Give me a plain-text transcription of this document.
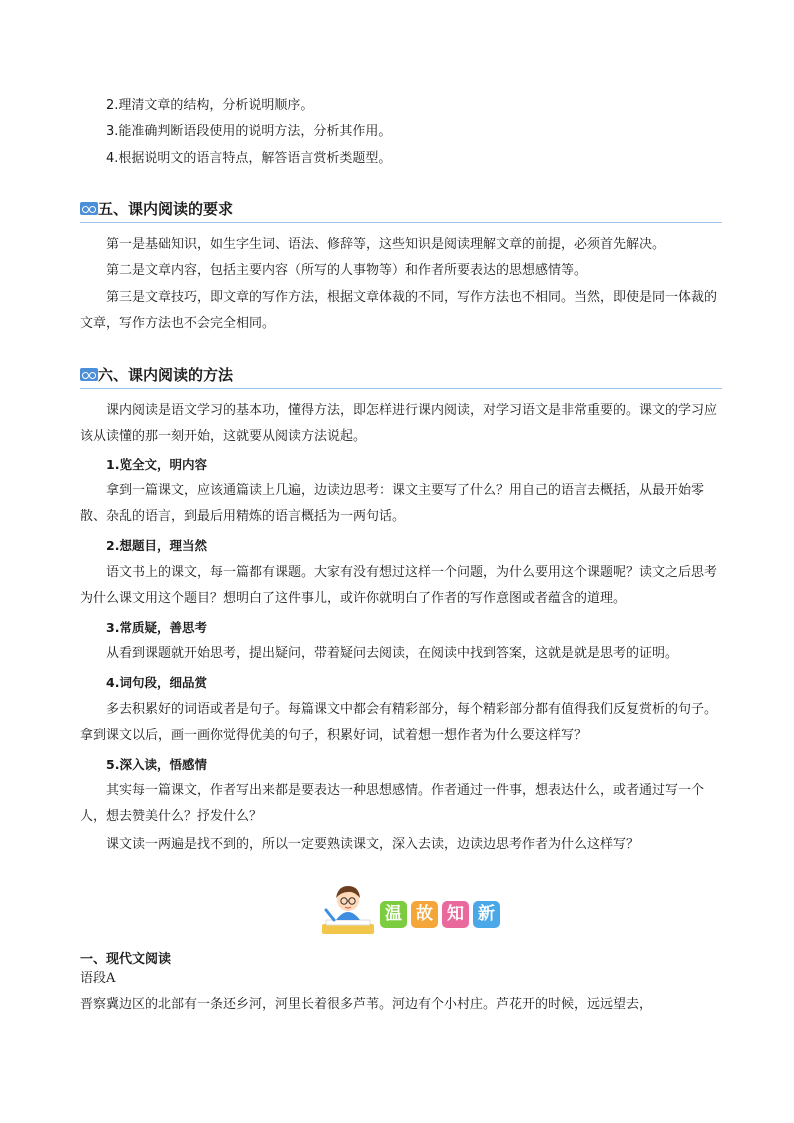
2.理清文章的结构，分析说明顺序。
3.能准确判断语段使用的说明方法，分析其作用。
4.根据说明文的语言特点，解答语言赏析类题型。
五、课内阅读的要求
第一是基础知识，如生字生词、语法、修辞等，这些知识是阅读理解文章的前提，必须首先解决。
第二是文章内容，包括主要内容（所写的人事物等）和作者所要表达的思想感情等。
第三是文章技巧，即文章的写作方法，根据文章体裁的不同，写作方法也不相同。当然，即使是同一体裁的文章，写作方法也不会完全相同。
六、课内阅读的方法
课内阅读是语文学习的基本功，懂得方法，即怎样进行课内阅读，对学习语文是非常重要的。课文的学习应该从读懂的那一刻开始，这就要从阅读方法说起。
1.览全文，明内容
拿到一篇课文，应该通篇读上几遍，边读边思考：课文主要写了什么？用自己的语言去概括，从最开始零散、杂乱的语言，到最后用精炼的语言概括为一两句话。
2.想题目，理当然
语文书上的课文，每一篇都有课题。大家有没有想过这样一个问题，为什么要用这个课题呢？读文之后思考为什么课文用这个题目？想明白了这件事儿，或许你就明白了作者的写作意图或者蕴含的道理。
3.常质疑，善思考
从看到课题就开始思考，提出疑问，带着疑问去阅读，在阅读中找到答案，这就是就是思考的证明。
4.词句段，细品赏
多去积累好的词语或者是句子。每篇课文中都会有精彩部分，每个精彩部分都有值得我们反复赏析的句子。拿到课文以后，画一画你觉得优美的句子，积累好词，试着想一想作者为什么要这样写？
5.深入读，悟感情
其实每一篇课文，作者写出来都是要表达一种思想感情。作者通过一件事，想表达什么，或者通过写一个人，想去赞美什么？抒发什么？
课文读一两遍是找不到的，所以一定要熟读课文，深入去读，边读边思考作者为什么这样写？
温 故 知 新
一、现代文阅读
语段A
晋察冀边区的北部有一条还乡河，河里长着很多芦苇。河边有个小村庄。芦花开的时候，远远望去，
